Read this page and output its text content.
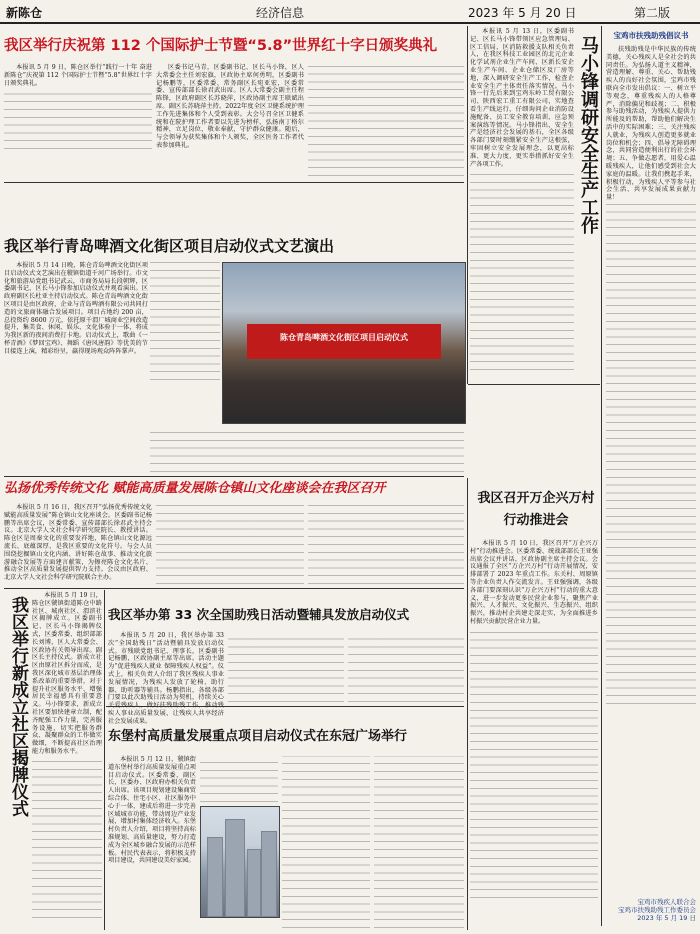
新陈仓	经济信息	2023 年 5 月 20 日	第二版
我区举行庆祝第 112 个国际护士节暨“5.8”世界红十字日颁奖典礼

本报讯 5 月 9 日，陈仓区举行“践行一十年 奋进新陈仓”庆祝第 112 个国际护士节暨“5.8”世界红十字日颁奖典礼。

区委书记马青，区委副书记、区长马小锋，区人大常委会主任刘宏旗，区政协主席何勇明，区委副书记杨鹏等，区委常委、常务副区长宛亚宏，区委常委、宣传部部长徐君武出席。区人大常委会副主任程陈锋，区政府副区长苏晓萍，区政协副主席王联斌出席。副区长苏晓萍主持。2022年度全区卫健系统护理工作先进集体和个人受到表彰。大会号召全区卫健系统和在院护理工作者要以先进为榜样，弘扬南丁格尔精神，立足岗位，敬业奉献，守护群众健康。随后，与会领导为获奖集体和个人颁奖，全区医务工作者代表参加典礼。

本报讯 5 月 13 日，区委副书记、区长马小锋带领区应急管理局、区工信局、区消防救援支队相关负责人，在我区科技工业园区的北元企业化学试剂企业生产车间、区新长安企业生产车间、企业仓储区及厂房等地，深入调研安全生产工作，检查企业安全生产主体责任落实情况。马小锋一行先后来到宝鸡东岭工贸有限公司、陕西宏工重工有限公司，实地查看生产线运行，仔细询问企业消防设施配备、员工安全教育培训、应急预案演练等情况。马小锋指出，安全生产是经济社会发展的基石，全区各级各部门要时刻绷紧安全生产这根弦，牢固树立安全发展理念，以更高标准、更大力度、更实举措抓好安全生产各项工作。	马小锋调研安全生产工作
我区举行青岛啤酒文化街区项目启动仪式文艺演出

本报讯 5 月 14 日晚，陈仓青岛啤酒文化街区项目启动仪式文艺演出在虢镇街道千河广场举行。市文化和旅游局党组书记武云，市商务局局长段朝辉，区委副书记、区长马小锋参加启动仪式并观看演出。区政府副区长杜亚主持启动仪式。陈仓青岛啤酒文化街区项目是由区政府，企业与青岛啤酒有限公司共同打造的文旅商体融合发展项目。项目占地约 200 亩，总投资约 8600 万元，依托原千渭厂城商业空间改造提升，集美食、休闲、娱乐、文化体验于一体，将成为我区新的夜间消费打卡地。启动仪式上，歌曲《一杯青酒》《梦回宝鸡》、舞蹈《唐风唐韵》等优美的节目接连上演，精彩纷呈，赢得现场观众阵阵掌声。

陈仓青岛啤酒文化街区项目启动仪式
弘扬优秀传统文化 赋能高质量发展陈仓镇山文化座谈会在我区召开

本报讯 5 月 16 日，我区召开“弘扬优秀传统文化 赋能高质量发展”陈仓镇山文化座谈会。区委副书记杨鹏等出席会议，区委常委、宣传部部长徐君武主持会议。北京大学人文社会科学研究院院长、教授讲话。陈仓区是周秦文化的重要发祥地，陈仓镇山文化源远流长、底蕴深厚，是我区重要的文化符号。与会人员围绕挖掘镇山文化内涵、讲好陈仓故事、推动文化旅游融合发展等方面建言献策，为擦亮陈仓文化名片、推动全区高质量发展提供智力支持。会议由区政府、北京大学人文社会科学研究院联合主办。

我区召开万企兴万村行动推进会

本报讯 5 月 10 日，我区召开“万企兴万村”行动推进会。区委常委、统战部部长王亚强出席会议并讲话，区政协副主席主持会议。会议通报了全区“万企兴万村”行动开展情况，安排部署了 2023 年重点工作。东关村、周原镇等企业负责人作交流发言。王亚强强调，各级各部门要深刻认识“万企兴万村”行动的重大意义，进一步发动更多民营企业参与，聚焦产业振兴、人才振兴、文化振兴、生态振兴、组织振兴，推动村企共建走深走实，为全面推进乡村振兴贡献民营企业力量。

我区举行新成立社区揭牌仪式

本报讯 5 月 19 日，陈仓区虢镇街道陈仓中路社区、城南社区、渭滨社区揭牌成立。区委副书记、区长马小锋揭牌仪式，区委常委、组织部部长刘博，区人大常委会、区政协有关领导出席。副区长主持仪式。新成立社区由原社区拆分而成，是我区深化城市基层治理体系改革的重要举措，对于提升社区服务水平、增强居民幸福感具有重要意义。马小锋要求，新成立社区要加快建章立制，配齐配强工作力量，完善服务设施，切实把服务群众、凝聚群众的工作做实做细，不断提高社区治理能力和服务水平。

我区举办第 33 次全国助残日活动暨辅具发放启动仪式

本报讯 5 月 20 日，我区举办第 33 次“全国助残日”活动暨辅具发放启动仪式。市残联党组书记、理事长，区委副书记杨鹏，区政协副主席等出席。活动主题为“促进残疾人就业 保障残疾人权益”。仪式上，相关负责人介绍了我区残疾人事业发展情况，为残疾人发放了轮椅、助行器、助听器等辅具。杨鹏指出，各级各部门要以此次助残日活动为契机，持续关心 疾人事业高质量发展，让残疾人共享经济社会发展成果。

东堡村高质量发展重点项目启动仪式在东冠广场举行

本报讯 5 月 12 日，虢镇街道东堡村举行高质量发展重点项目启动仪式。区委常委、副区长，区委办、区政府办相关负责人出席。该项目规划建设集商贸综合体、住宅小区、社区服务中心于一体，建成后将进一步完善区域城市功能，带动周边产业发展，增加村集体经济收入。东堡村负责人介绍，项目将坚持高标准规划、高质量建设，努力打造成为全区城乡融合发展的示范样板。村民代表表示，将积极支持项目建设，共同建设美好家园。

宝鸡市扶残助残倡议书

扶残助残是中华民族的传统美德，关心残疾人是全社会的共同责任。为弘扬人道主义精神，营造理解、尊重、关心、帮助残疾人的良好社会氛围，宝鸡市残联向全市发出倡议：一、树立平等观念，尊重残疾人的人格尊严，消除偏见和歧视；二、积极参与助残活动，为残疾人提供力所能及的帮助，帮助他们解决生活中的实际困难；三、关注残疾人就业，为残疾人创造更多就业岗位和机会；四、倡导无障碍理念，共同营造便利出行的社会环境；五、争做志愿者，用爱心温暖残疾人，让他们感受到社会大家庭的温暖。让我们携起手来，积极行动，为残疾人平等参与社会生活、共享发展成果贡献力量！

宝鸡市残疾人联合会
宝鸡市扶残助残工作委员会
2023 年 5 月 19 日
